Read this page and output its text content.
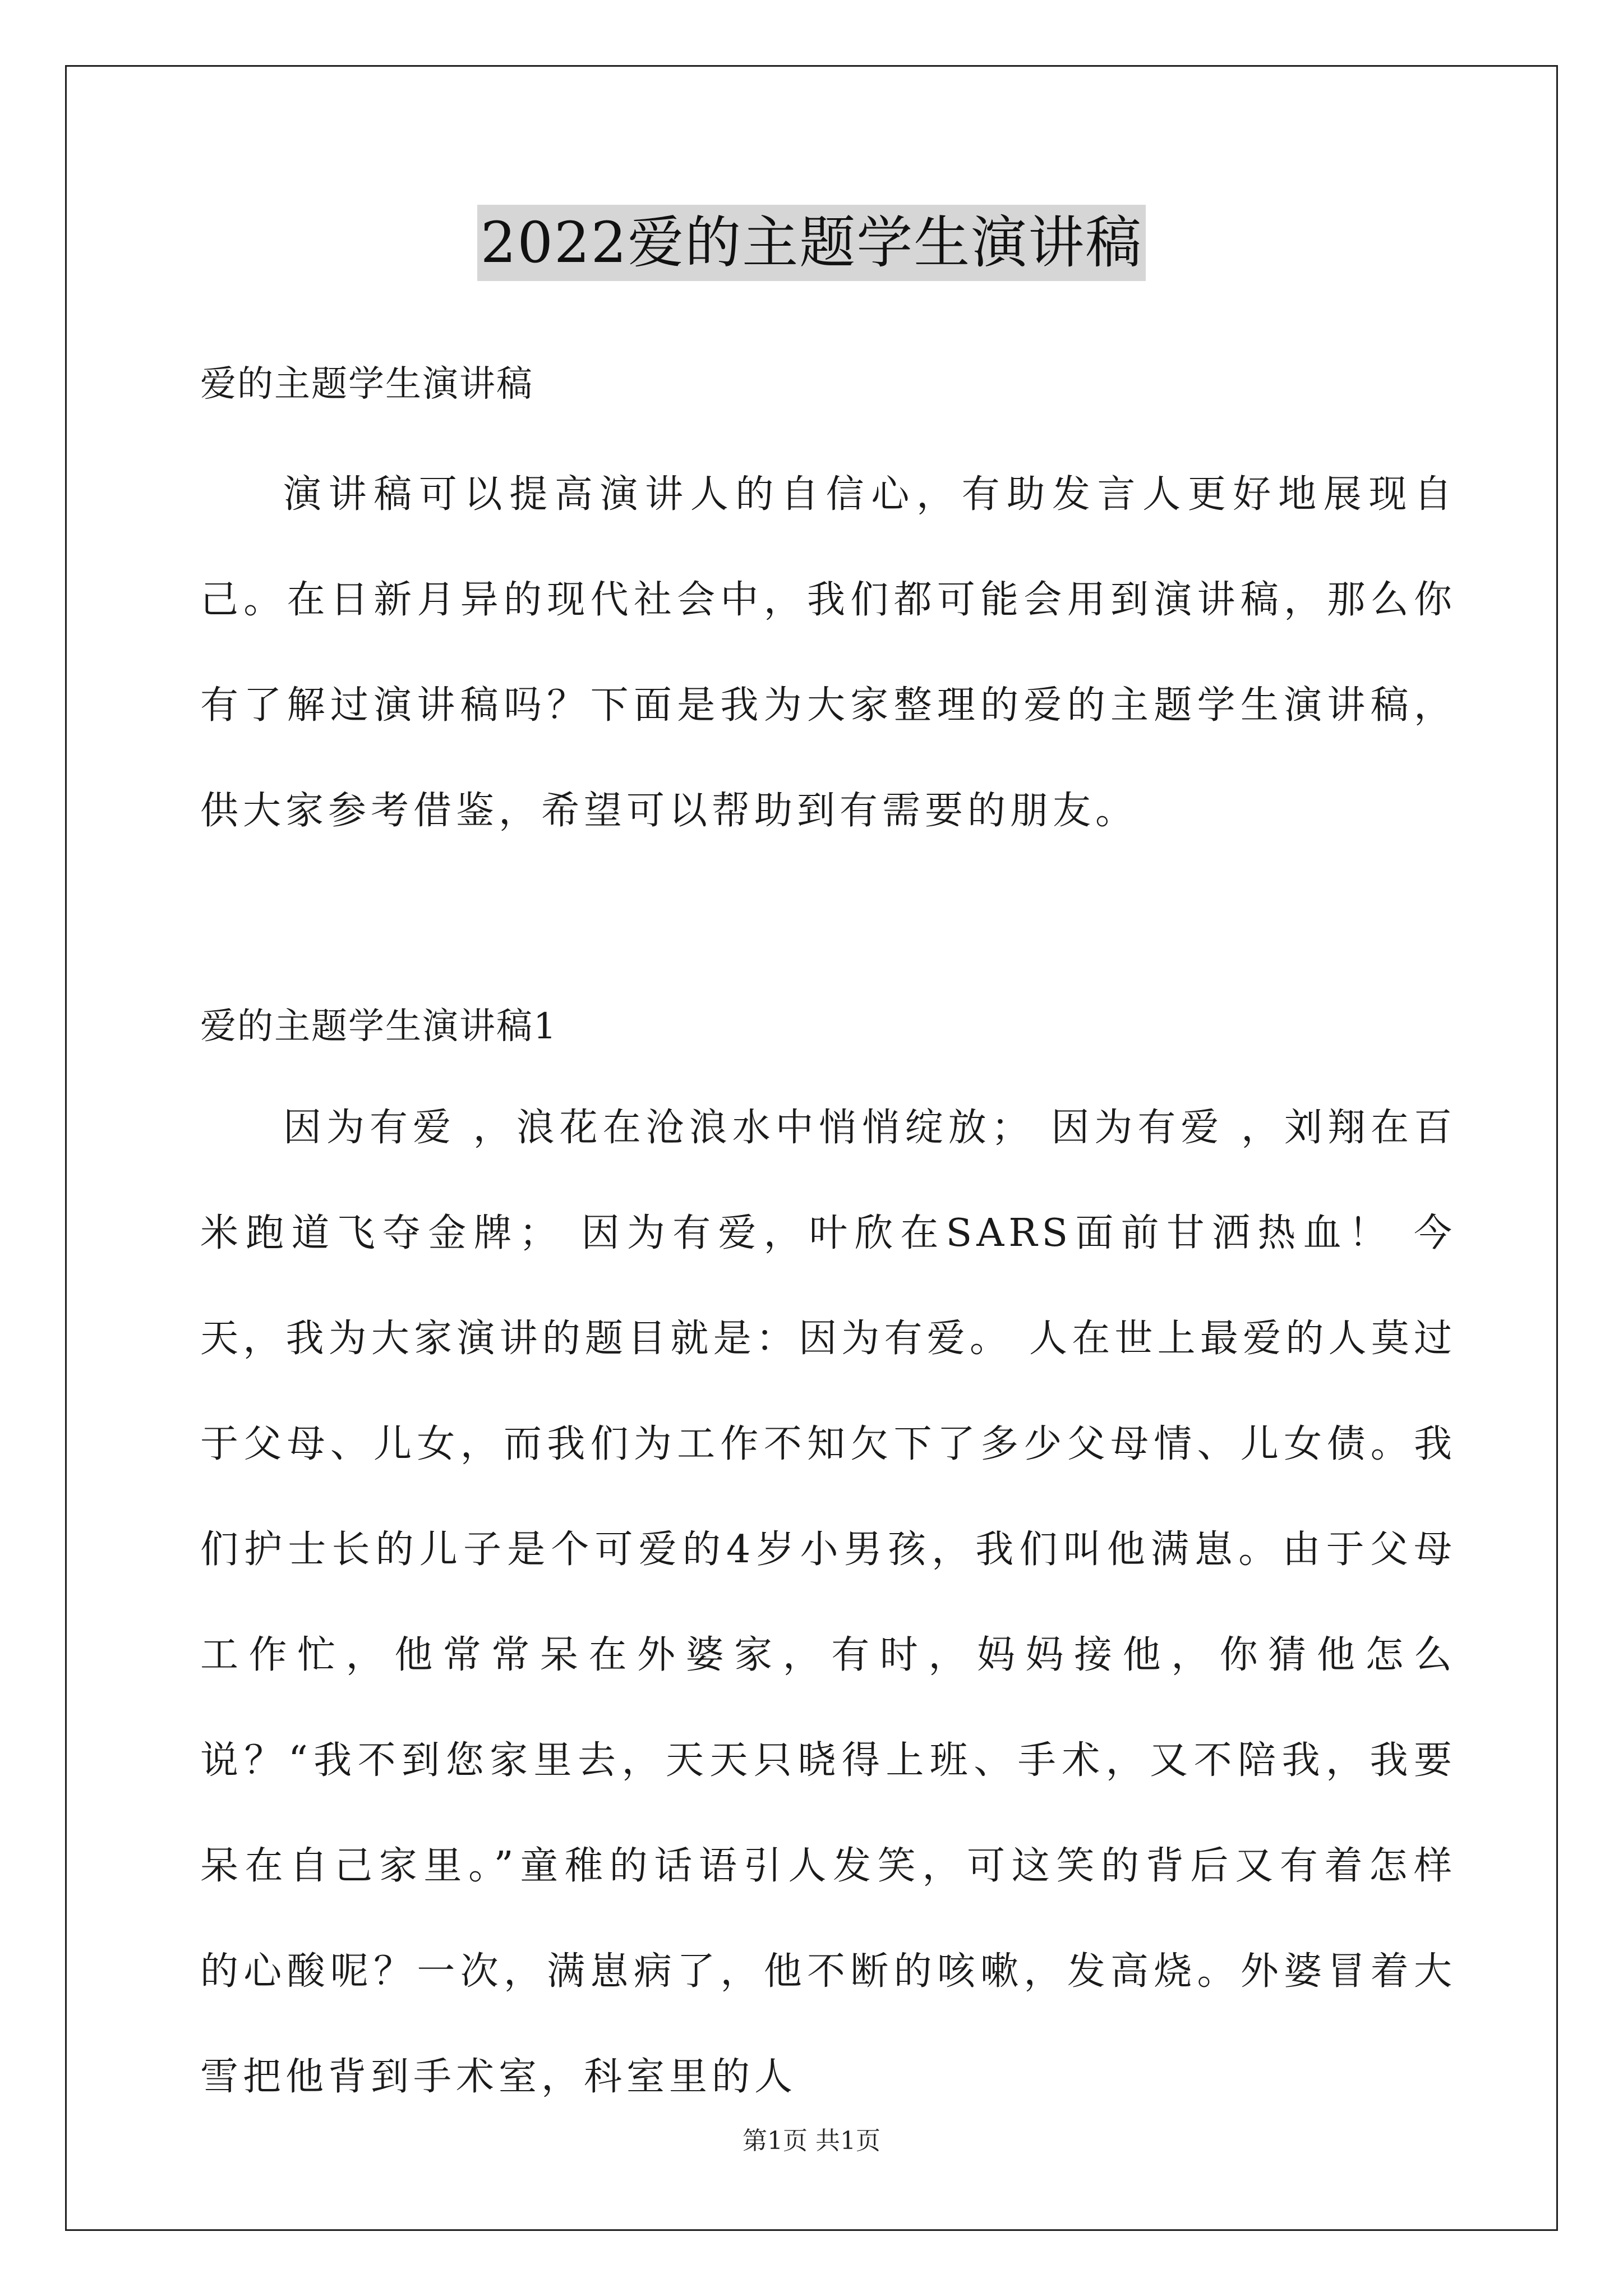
2022爱的主题学生演讲稿
爱的主题学生演讲稿

演讲稿可以提高演讲人的自信心，有助发言人更好地展现自己。在日新月异的现代社会中，我们都可能会用到演讲稿，那么你有了解过演讲稿吗？下面是我为大家整理的爱的主题学生演讲稿，供大家参考借鉴，希望可以帮助到有需要的朋友。

爱的主题学生演讲稿1

因为有爱 ，浪花在沧浪水中悄悄绽放； 因为有爱 ，刘翔在百米跑道飞夺金牌； 因为有爱，叶欣在SARS面前甘洒热血！ 今天，我为大家演讲的题目就是：因为有爱。 人在世上最爱的人莫过于父母、儿女，而我们为工作不知欠下了多少父母情、儿女债。我们护士长的儿子是个可爱的4岁小男孩，我们叫他满崽。由于父母工作忙，他常常呆在外婆家，有时，妈妈接他，你猜他怎么说？“我不到您家里去，天天只晓得上班、手术，又不陪我，我要呆在自己家里。”童稚的话语引人发笑，可这笑的背后又有着怎样 的心酸呢？一次，满崽病了，他不断的咳嗽，发高烧。外婆冒着大雪把他背到手术室，科室里的人

第1页 共1页
